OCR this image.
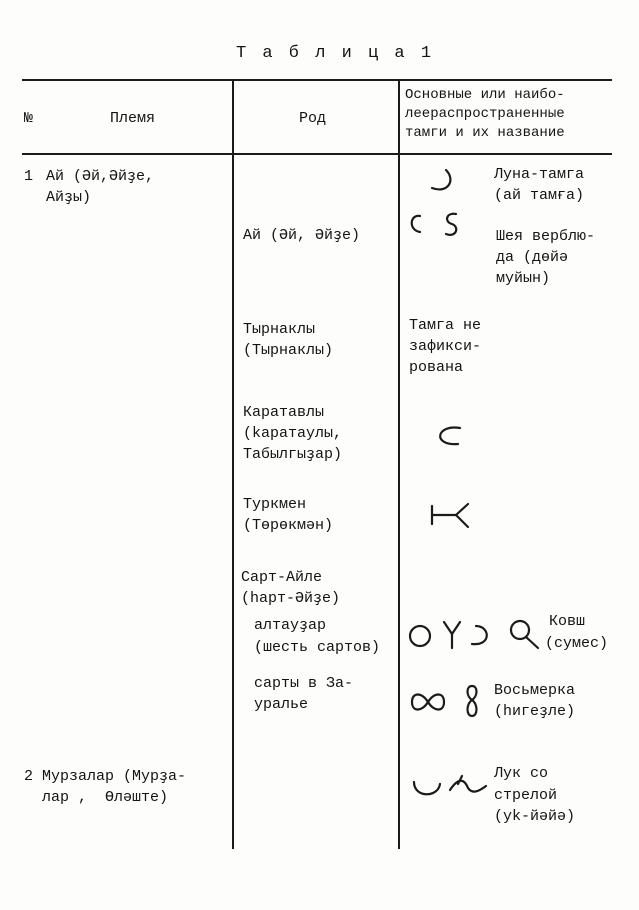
Т а б л и ц а 1
№	Племя	Род
Основные или наибо-
леераспространенные
тамги и их название
1 Ай (Әй,Әйҙе,
Айҙы)
Ай (Әй, Әйҙе)
Луна-тамга
(ай тамға)
Шея верблю-
да (дөйә
муйын)
Тырнаклы
(Тырнаклы)
Тамга не
зафикси-
рована
Каратавлы
(kаратаулы,
Табылгыҙар)
Туркмен
(Төрөкмән)
Сарт-Айле
(hарт-Әйҙе)
алтауҙар
(шесть сартов)
Ковш
(сумес)
сарты в За-
уралье
Восьмерка
(hигеҙле)
2 Мурзалар (Мурҙа-
лар ,  Өләште)
Лук со
стрелой
(уk-йәйә)
